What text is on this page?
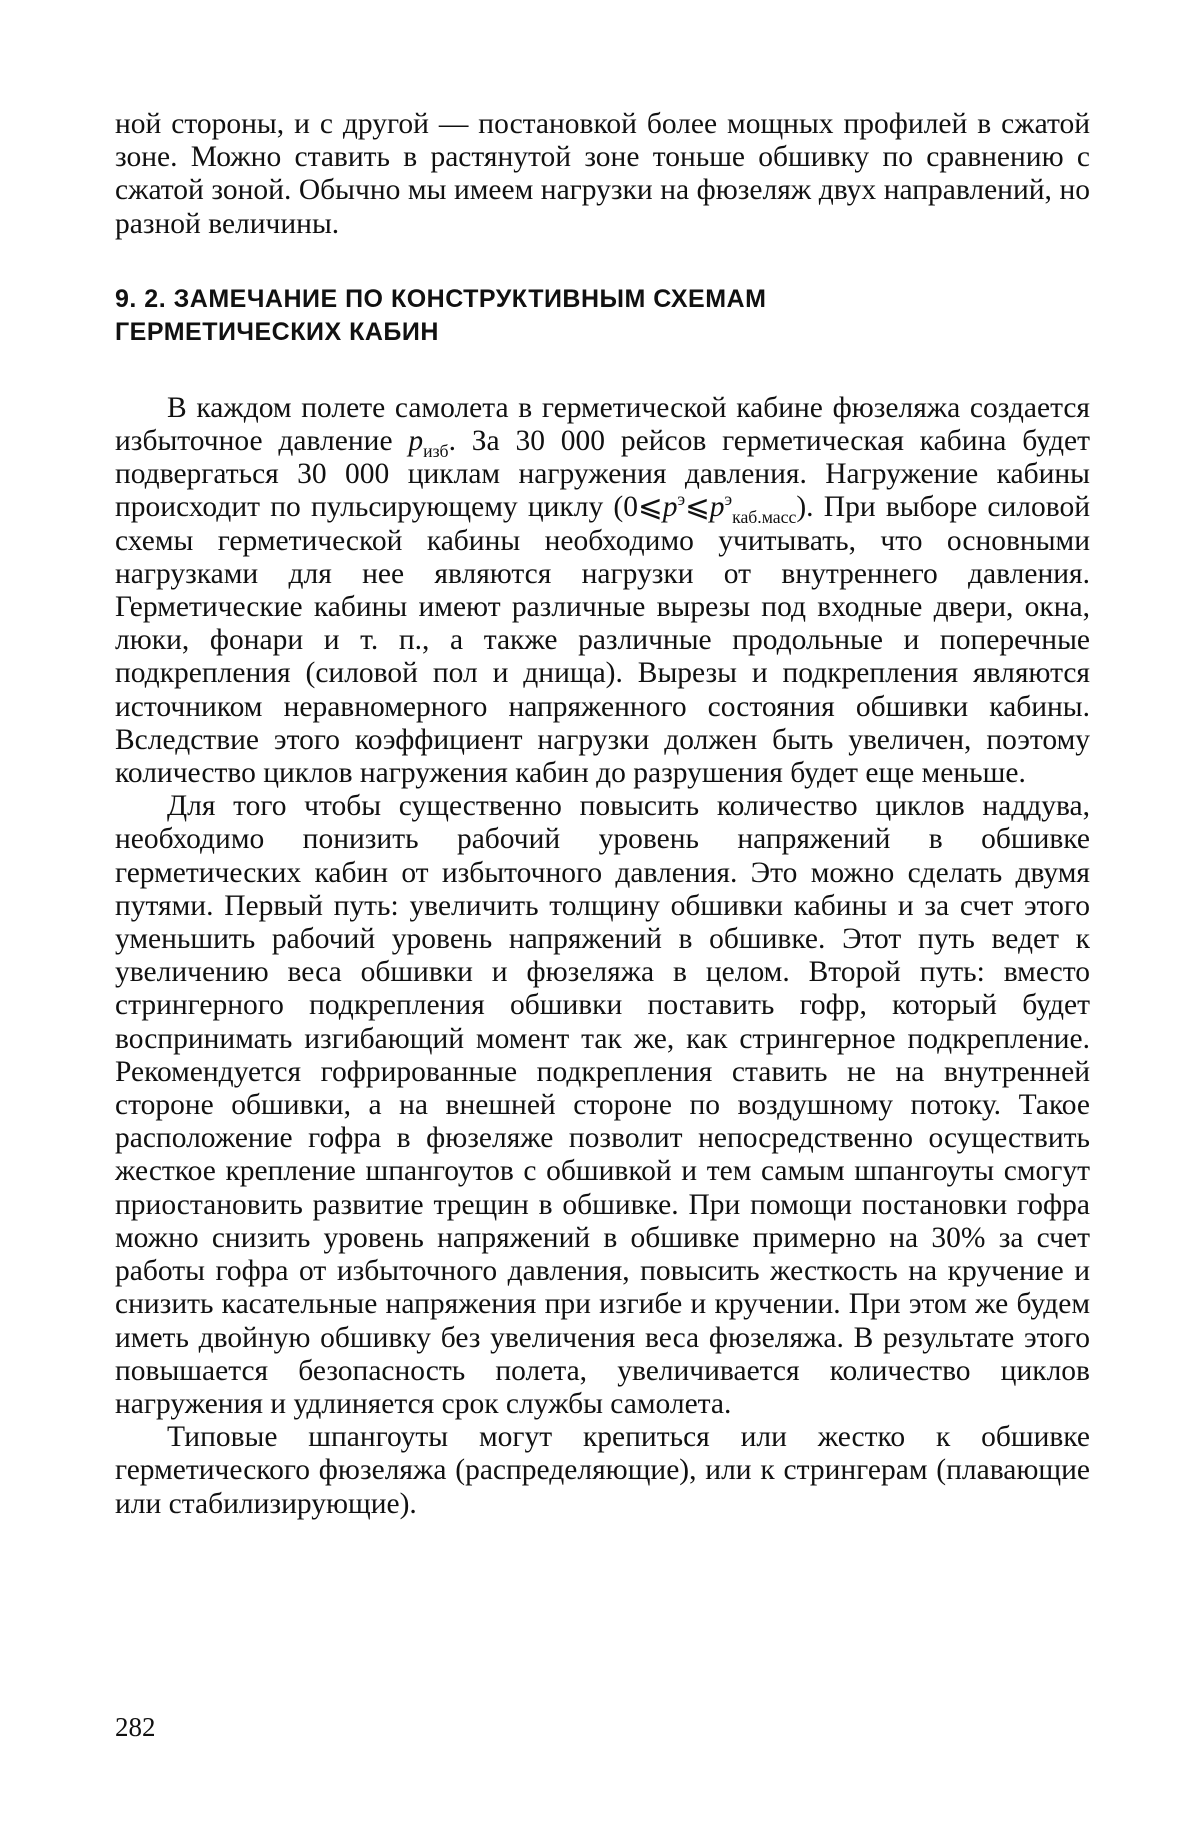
ной стороны, и с другой — постановкой более мощных профилей в сжатой зоне. Можно ставить в растянутой зоне тоньше обшивку по сравнению с сжатой зоной. Обычно мы имеем нагрузки на фюзеляж двух направлений, но разной величины.

9. 2. ЗАМЕЧАНИЕ ПО КОНСТРУКТИВНЫМ СХЕМАМ
ГЕРМЕТИЧЕСКИХ КАБИН

В каждом полете самолета в герметической кабине фюзеляжа создается избыточное давление $p_{изб}$. За 30 000 рейсов герметическая кабина будет подвергаться 30 000 циклам нагружения давления. Нагружение кабины происходит по пульсирующему циклу $(0⩽p^э⩽p^э_{каб.масс})$. При выборе силовой схемы герметической кабины необходимо учитывать, что основными нагрузками для нее являются нагрузки от внутреннего давления. Герметические кабины имеют различные вырезы под входные двери, окна, люки, фонари и т. п., а также различные продольные и поперечные подкрепления (силовой пол и днища). Вырезы и подкрепления являются источником неравномерного напряженного состояния обшивки кабины. Вследствие этого коэффициент нагрузки должен быть увеличен, поэтому количество циклов нагружения кабин до разрушения будет еще меньше.

Для того чтобы существенно повысить количество циклов наддува, необходимо понизить рабочий уровень напряжений в обшивке герметических кабин от избыточного давления. Это можно сделать двумя путями. Первый путь: увеличить толщину обшивки кабины и за счет этого уменьшить рабочий уровень напряжений в обшивке. Этот путь ведет к увеличению веса обшивки и фюзеляжа в целом. Второй путь: вместо стрингерного подкрепления обшивки поставить гофр, который будет воспринимать изгибающий момент так же, как стрингерное подкрепление. Рекомендуется гофрированные подкрепления ставить не на внутренней стороне обшивки, а на внешней стороне по воздушному потоку. Такое расположение гофра в фюзеляже позволит непосредственно осуществить жесткое крепление шпангоутов с обшивкой и тем самым шпангоуты смогут приостановить развитие трещин в обшивке. При помощи постановки гофра можно снизить уровень напряжений в обшивке примерно на 30% за счет работы гофра от избыточного давления, повысить жесткость на кручение и снизить касательные напряжения при изгибе и кручении. При этом же будем иметь двойную обшивку без увеличения веса фюзеляжа. В результате этого повышается безопасность полета, увеличивается количество циклов нагружения и удлиняется срок службы самолета.

Типовые шпангоуты могут крепиться или жестко к обшивке герметического фюзеляжа (распределяющие), или к стрингерам (плавающие или стабилизирующие).

282
